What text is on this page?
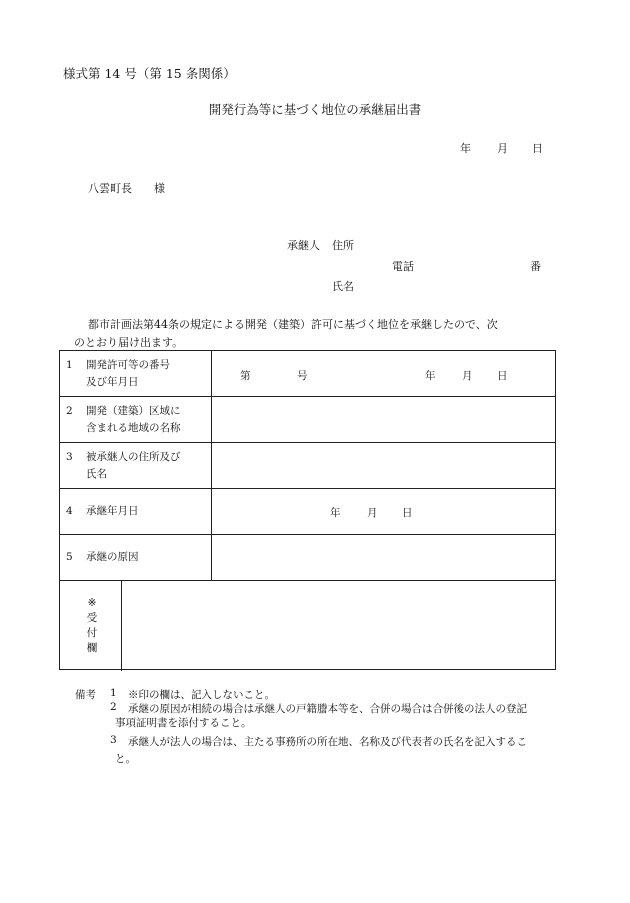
様式第 14 号（第 15 条関係）
開発行為等に基づく地位の承継届出書
年 月 日
八雲町長　　様
承継人 住所
電話	番
氏名
都市計画法第44条の規定による開発（建築）許可に基づく地位を承継したので、次
のとおり届け出ます。
1 開発許可等の番号
及び年月日	第	号	年	月 日
2 開発（建築）区域に
含まれる地域の名称
3 被承継人の住所及び
氏名
4 承継年月日	年	月 日
5 承継の原因
※
受
付
欄
備考 1 ※印の欄は、記入しないこと。
2 承継の原因が相続の場合は承継人の戸籍謄本等を、合併の場合は合併後の法人の登記
事項証明書を添付すること。
3 承継人が法人の場合は、主たる事務所の所在地、名称及び代表者の氏名を記入するこ
と。
